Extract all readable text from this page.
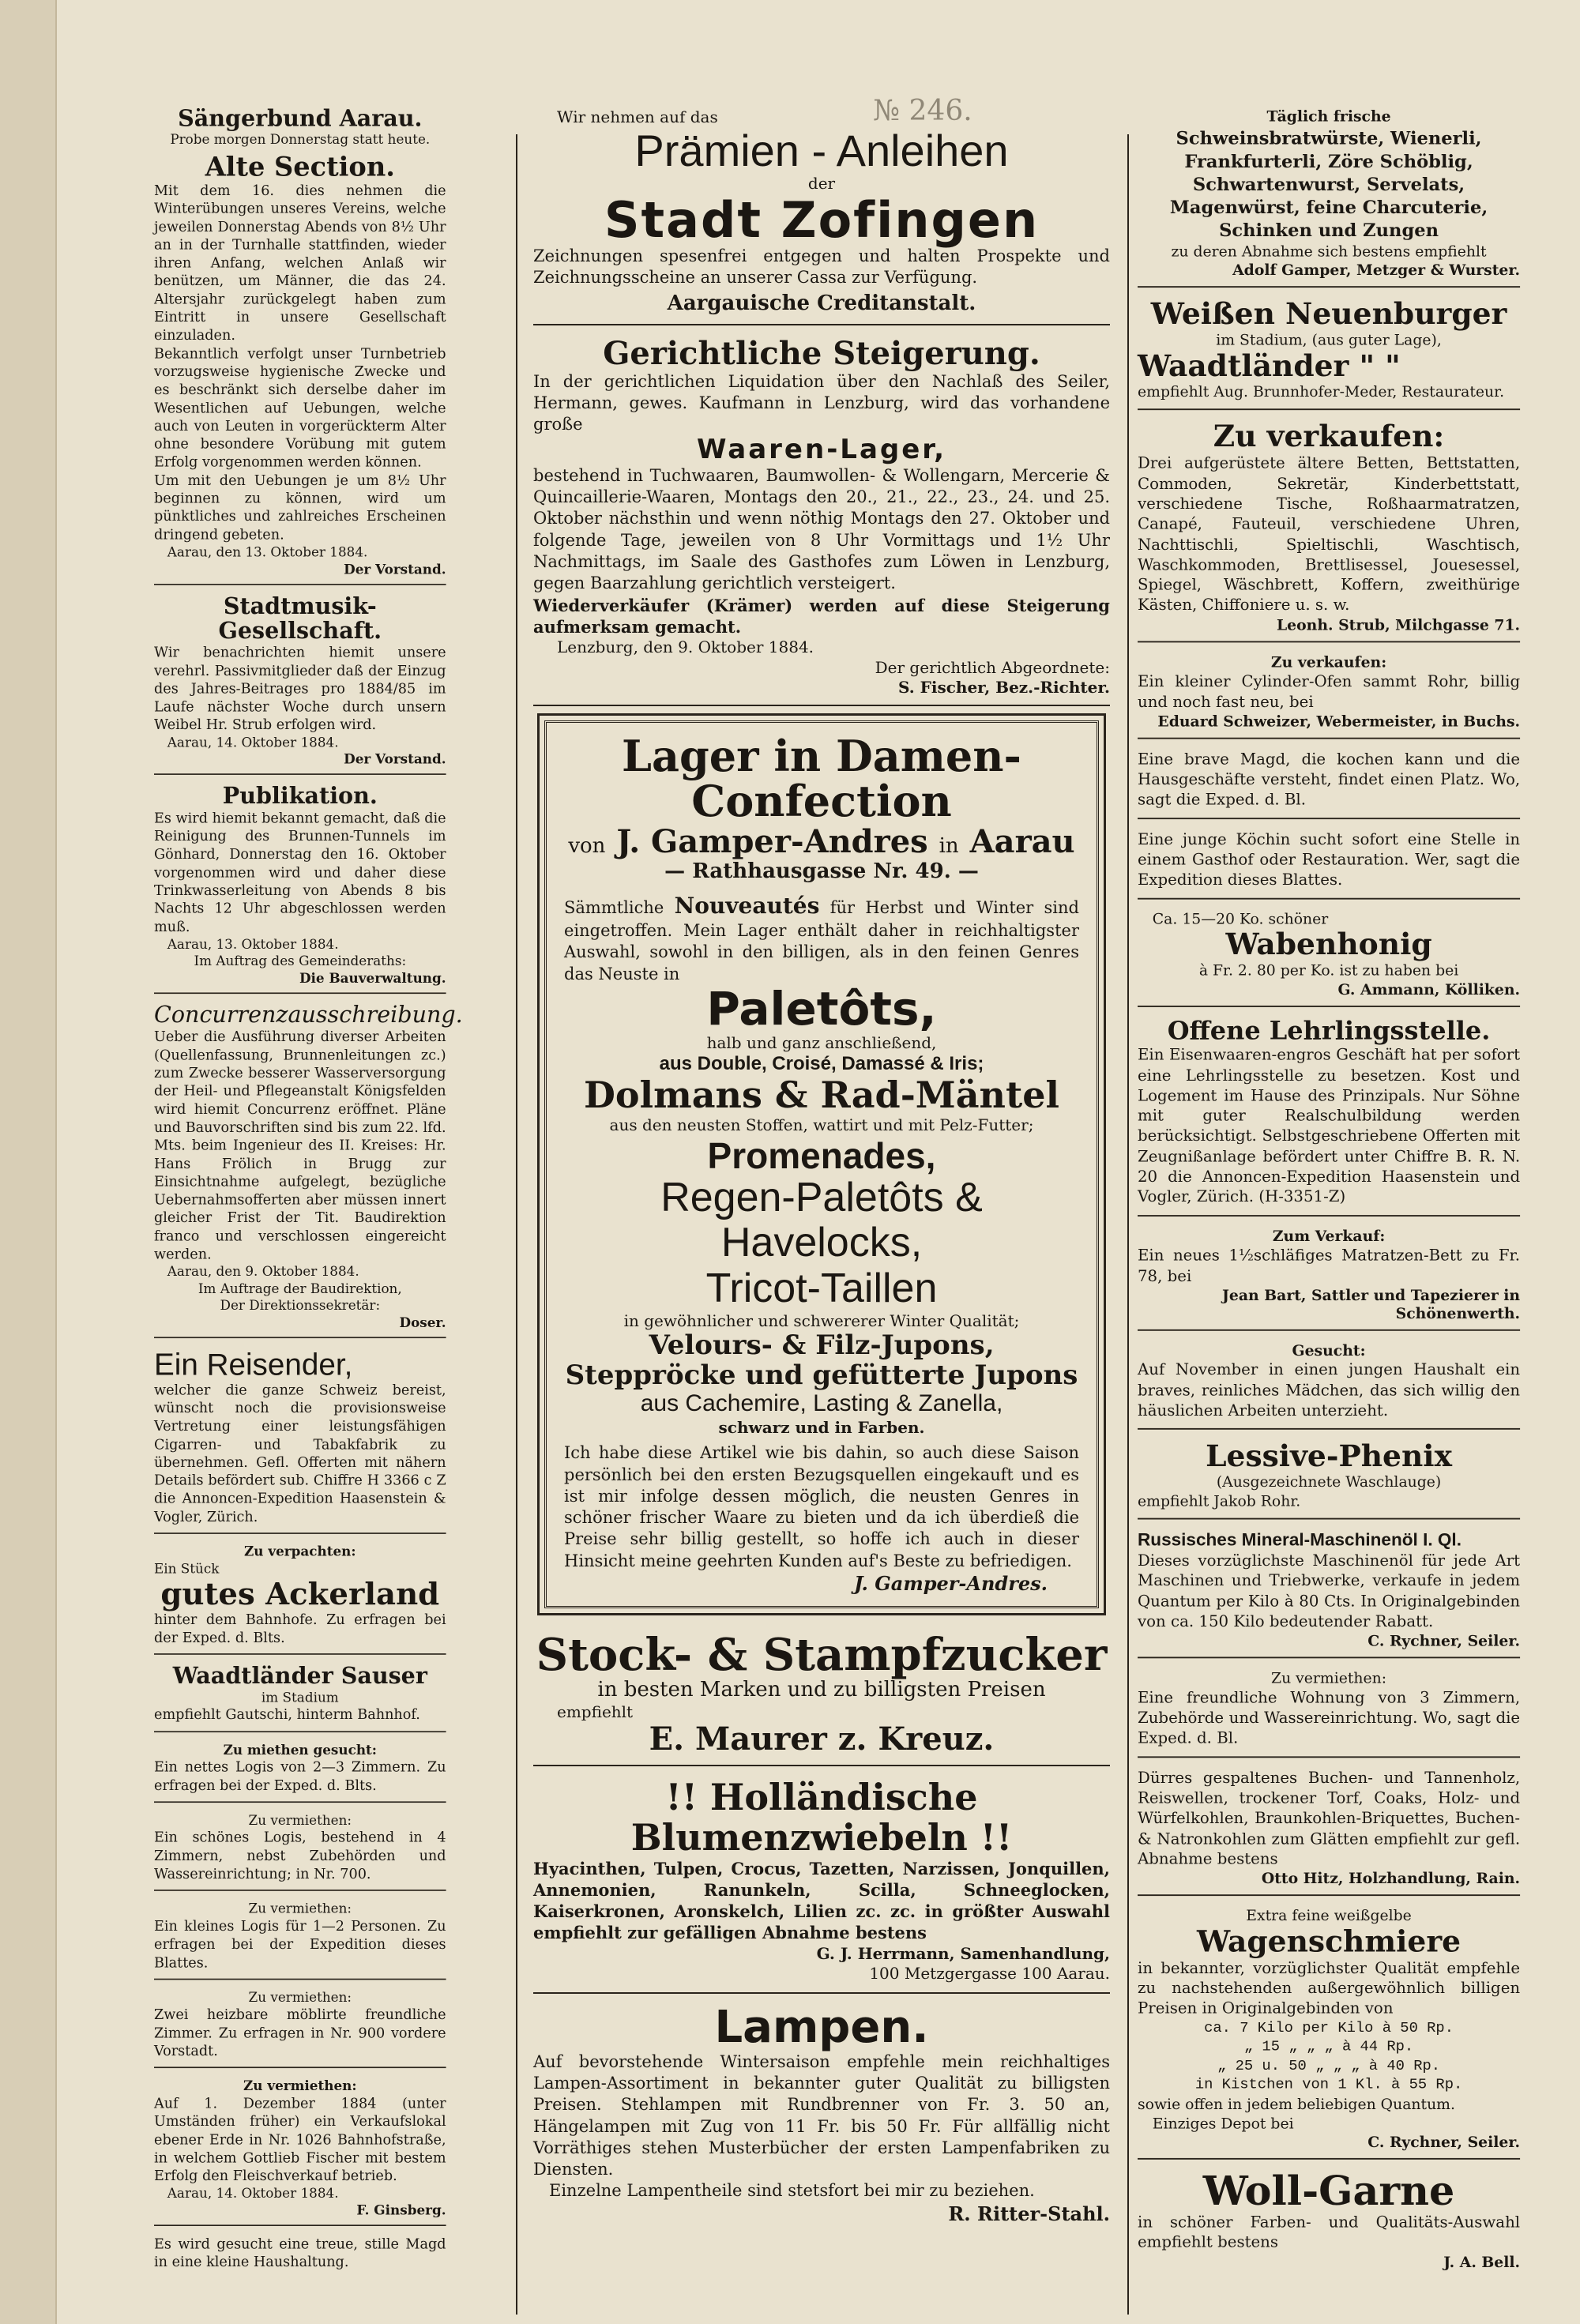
№ 246.
Sängerbund Aarau.
Probe morgen Donnerstag statt heute.
Alte Section.
Mit dem 16. dies nehmen die Winterübungen unseres Vereins, welche jeweilen Donnerstag Abends von 8½ Uhr an in der Turnhalle stattfinden, wieder ihren Anfang, welchen Anlaß wir benützen, um Männer, die das 24. Altersjahr zurückgelegt haben zum Eintritt in unsere Gesellschaft einzuladen.
Bekanntlich verfolgt unser Turnbetrieb vorzugsweise hygienische Zwecke und es beschränkt sich derselbe daher im Wesentlichen auf Uebungen, welche auch von Leuten in vorgerückterm Alter ohne besondere Vorübung mit gutem Erfolg vorgenommen werden können.
Um mit den Uebungen je um 8½ Uhr beginnen zu können, wird um pünktliches und zahlreiches Erscheinen dringend gebeten.
Aarau, den 13. Oktober 1884.
Der Vorstand.
Stadtmusik-Gesellschaft.
Wir benachrichten hiemit unsere verehrl. Passivmitglieder daß der Einzug des Jahres-Beitrages pro 1884/85 im Laufe nächster Woche durch unsern Weibel Hr. Strub erfolgen wird.
Aarau, 14. Oktober 1884.
Der Vorstand.
Publikation.
Es wird hiemit bekannt gemacht, daß die Reinigung des Brunnen-Tunnels im Gönhard, Donnerstag den 16. Oktober vorgenommen wird und daher diese Trinkwasserleitung von Abends 8 bis Nachts 12 Uhr abgeschlossen werden muß.
Aarau, 13. Oktober 1884.
Im Auftrag des Gemeinderaths:
Die Bauverwaltung.
Concurrenzausschreibung.
Ueber die Ausführung diverser Arbeiten (Quellenfassung, Brunnenleitungen zc.) zum Zwecke besserer Wasserversorgung der Heil- und Pflegeanstalt Königsfelden wird hiemit Concurrenz eröffnet. Pläne und Bauvorschriften sind bis zum 22. lfd. Mts. beim Ingenieur des II. Kreises: Hr. Hans Frölich in Brugg zur Einsichtnahme aufgelegt, bezügliche Uebernahmsofferten aber müssen innert gleicher Frist der Tit. Baudirektion franco und verschlossen eingereicht werden.
Aarau, den 9. Oktober 1884.
Im Auftrage der Baudirektion,
Der Direktionssekretär:
Doser.
Ein Reisender,
welcher die ganze Schweiz bereist, wünscht noch die provisionsweise Vertretung einer leistungsfähigen Cigarren- und Tabakfabrik zu übernehmen. Gefl. Offerten mit nähern Details befördert sub. Chiffre H 3366 c Z die Annoncen-Expedition Haasenstein & Vogler, Zürich.
Zu verpachten:
Ein Stück
gutes Ackerland
hinter dem Bahnhofe. Zu erfragen bei der Exped. d. Blts.
Waadtländer Sauser
im Stadium
empfiehlt Gautschi, hinterm Bahnhof.
Zu miethen gesucht:
Ein nettes Logis von 2—3 Zimmern. Zu erfragen bei der Exped. d. Blts.
Zu vermiethen:
Ein schönes Logis, bestehend in 4 Zimmern, nebst Zubehörden und Wassereinrichtung; in Nr. 700.
Zu vermiethen:
Ein kleines Logis für 1—2 Personen. Zu erfragen bei der Expedition dieses Blattes.
Zu vermiethen:
Zwei heizbare möblirte freundliche Zimmer. Zu erfragen in Nr. 900 vordere Vorstadt.
Zu vermiethen:
Auf 1. Dezember 1884 (unter Umständen früher) ein Verkaufslokal ebener Erde in Nr. 1026 Bahnhofstraße, in welchem Gottlieb Fischer mit bestem Erfolg den Fleischverkauf betrieb.
Aarau, 14. Oktober 1884.
F. Ginsberg.
Es wird gesucht eine treue, stille Magd in eine kleine Haushaltung.
Wir nehmen auf das
Prämien - Anleihen
der
Stadt Zofingen
Zeichnungen spesenfrei entgegen und halten Prospekte und Zeichnungsscheine an unserer Cassa zur Verfügung.
Aargauische Creditanstalt.
Gerichtliche Steigerung.
In der gerichtlichen Liquidation über den Nachlaß des Seiler, Hermann, gewes. Kaufmann in Lenzburg, wird das vorhandene große
Waaren-Lager,
bestehend in Tuchwaaren, Baumwollen- & Wollengarn, Mercerie & Quincaillerie-Waaren, Montags den 20., 21., 22., 23., 24. und 25. Oktober nächsthin und wenn nöthig Montags den 27. Oktober und folgende Tage, jeweilen von 8 Uhr Vormittags und 1½ Uhr Nachmittags, im Saale des Gasthofes zum Löwen in Lenzburg, gegen Baarzahlung gerichtlich versteigert.
Wiederverkäufer (Krämer) werden auf diese Steigerung aufmerksam gemacht.
Lenzburg, den 9. Oktober 1884.
Der gerichtlich Abgeordnete:
S. Fischer, Bez.-Richter.
Lager in Damen-Confection
von J. Gamper-Andres in Aarau
— Rathhausgasse Nr. 49. —
Sämmtliche Nouveautés für Herbst und Winter sind eingetroffen. Mein Lager enthält daher in reichhaltigster Auswahl, sowohl in den billigen, als in den feinen Genres das Neuste in
Paletôts,
halb und ganz anschließend,
aus Double, Croisé, Damassé & Iris;
Dolmans & Rad-Mäntel
aus den neusten Stoffen, wattirt und mit Pelz-Futter;
Promenades,
Regen-Paletôts & Havelocks,
Tricot-Taillen
in gewöhnlicher und schwererer Winter Qualität;
Velours- & Filz-Jupons,
Steppröcke und gefütterte Jupons
aus Cachemire, Lasting & Zanella,
schwarz und in Farben.
Ich habe diese Artikel wie bis dahin, so auch diese Saison persönlich bei den ersten Bezugsquellen eingekauft und es ist mir infolge dessen möglich, die neusten Genres in schöner frischer Waare zu bieten und da ich überdieß die Preise sehr billig gestellt, so hoffe ich auch in dieser Hinsicht meine geehrten Kunden auf's Beste zu befriedigen.
J. Gamper-Andres.
Stock- & Stampfzucker
in besten Marken und zu billigsten Preisen
empfiehlt
E. Maurer z. Kreuz.
!! Holländische Blumenzwiebeln !!
Hyacinthen, Tulpen, Crocus, Tazetten, Narzissen, Jonquillen, Annemonien, Ranunkeln, Scilla, Schneeglocken, Kaiserkronen, Aronskelch, Lilien zc. zc. in größter Auswahl empfiehlt zur gefälligen Abnahme bestens
G. J. Herrmann, Samenhandlung,
100 Metzgergasse 100 Aarau.
Lampen.
Auf bevorstehende Wintersaison empfehle mein reichhaltiges Lampen-Assortiment in bekannter guter Qualität zu billigsten Preisen. Stehlampen mit Rundbrenner von Fr. 3. 50 an, Hängelampen mit Zug von 11 Fr. bis 50 Fr. Für allfällig nicht Vorräthiges stehen Musterbücher der ersten Lampenfabriken zu Diensten.
Einzelne Lampentheile sind stetsfort bei mir zu beziehen.
R. Ritter-Stahl.
Täglich frische
Schweinsbratwürste, Wienerli, Frankfurterli, Zöre Schöblig, Schwartenwurst, Servelats, Magenwürst, feine Charcuterie, Schinken und Zungen
zu deren Abnahme sich bestens empfiehlt
Adolf Gamper, Metzger & Wurster.
Weißen Neuenburger
im Stadium, (aus guter Lage),
Waadtländer " "
empfiehlt Aug. Brunnhofer-Meder, Restaurateur.
Zu verkaufen:
Drei aufgerüstete ältere Betten, Bettstatten, Commoden, Sekretär, Kinderbettstatt, verschiedene Tische, Roßhaarmatratzen, Canapé, Fauteuil, verschiedene Uhren, Nachttischli, Spieltischli, Waschtisch, Waschkommoden, Brettlisessel, Jouesessel, Spiegel, Wäschbrett, Koffern, zweithürige Kästen, Chiffoniere u. s. w.
Leonh. Strub, Milchgasse 71.
Zu verkaufen:
Ein kleiner Cylinder-Ofen sammt Rohr, billig und noch fast neu, bei
Eduard Schweizer, Webermeister, in Buchs.
Eine brave Magd, die kochen kann und die Hausgeschäfte versteht, findet einen Platz. Wo, sagt die Exped. d. Bl.
Eine junge Köchin sucht sofort eine Stelle in einem Gasthof oder Restauration. Wer, sagt die Expedition dieses Blattes.
Ca. 15—20 Ko. schöner
Wabenhonig
à Fr. 2. 80 per Ko. ist zu haben bei
G. Ammann, Kölliken.
Offene Lehrlingsstelle.
Ein Eisenwaaren-engros Geschäft hat per sofort eine Lehrlingsstelle zu besetzen. Kost und Logement im Hause des Prinzipals. Nur Söhne mit guter Realschulbildung werden berücksichtigt. Selbstgeschriebene Offerten mit Zeugnißanlage befördert unter Chiffre B. R. N. 20 die Annoncen-Expedition Haasenstein und Vogler, Zürich. (H-3351-Z)
Zum Verkauf:
Ein neues 1½schläfiges Matratzen-Bett zu Fr. 78, bei
Jean Bart, Sattler und Tapezierer in Schönenwerth.
Gesucht:
Auf November in einen jungen Haushalt ein braves, reinliches Mädchen, das sich willig den häuslichen Arbeiten unterzieht.
Lessive-Phenix
(Ausgezeichnete Waschlauge)
empfiehlt Jakob Rohr.
Russisches Mineral-Maschinenöl I. Ql.
Dieses vorzüglichste Maschinenöl für jede Art Maschinen und Triebwerke, verkaufe in jedem Quantum per Kilo à 80 Cts. In Originalgebinden von ca. 150 Kilo bedeutender Rabatt.
C. Rychner, Seiler.
Zu vermiethen:
Eine freundliche Wohnung von 3 Zimmern, Zubehörde und Wassereinrichtung. Wo, sagt die Exped. d. Bl.
Dürres gespaltenes Buchen- und Tannenholz, Reiswellen, trockener Torf, Coaks, Holz- und Würfelkohlen, Braunkohlen-Briquettes, Buchen- & Natronkohlen zum Glätten empfiehlt zur gefl. Abnahme bestens
Otto Hitz, Holzhandlung, Rain.
Extra feine weißgelbe
Wagenschmiere
in bekannter, vorzüglichster Qualität empfehle zu nachstehenden außergewöhnlich billigen Preisen in Originalgebinden von
ca. 7 Kilo per Kilo à 50 Rp.
„ 15 „ „ „ à 44 Rp.
„ 25 u. 50 „ „ „ à 40 Rp.
in Kistchen von 1 Kl. à 55 Rp.
sowie offen in jedem beliebigen Quantum.
Einziges Depot bei
C. Rychner, Seiler.
Woll-Garne
in schöner Farben- und Qualitäts-Auswahl empfiehlt bestens
J. A. Bell.
